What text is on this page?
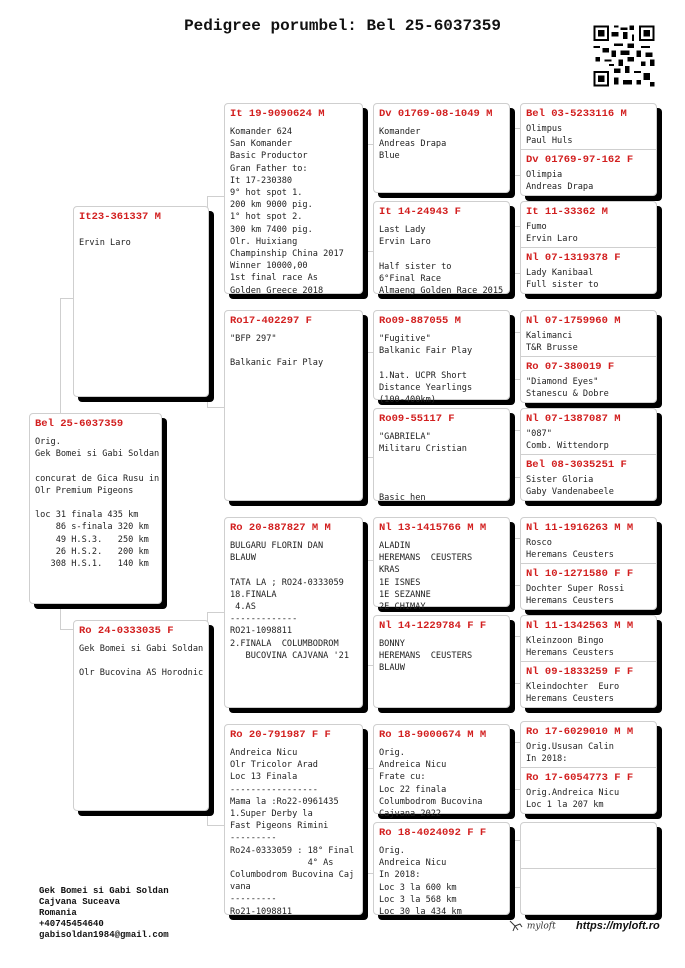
Pedigree porumbel: Bel 25-6037359
Bel 25-6037359
Orig.
Gek Bomei si Gabi Soldan

concurat de Gica Rusu in
Olr Premium Pigeons

loc 31 finala 435 km
86 s-finala 320 km
49 H.S.3.   250 km
26 H.S.2.   200 km
308 H.S.1.   140 km
It23-361337 M
Ervin Laro
Ro 24-0333035 F
Gek Bomei si Gabi Soldan

Olr Bucovina AS Horodnic
It 19-9090624 M
Komander 624
San Komander
Basic Productor
Gran Father to:
It 17-230380
9° hot spot 1.
200 km 9000 pig.
1° hot spot 2.
300 km 7400 pig.
Olr. Huixiang
Champinship China 2017
Winner 10000,00
1st final race As
Golden Greece 2018
Ro17-402297 F
"BFP 297"

Balkanic Fair Play
Ro 20-887827 M M
BULGARU FLORIN DAN
BLAUW

TATA LA ; RO24-0333059
18.FINALA
4.AS
-------------
RO21-1098811
2.FINALA  COLUMBODROM
BUCOVINA CAJVANA '21
Ro 20-791987 F F
Andreica Nicu
Olr Tricolor Arad
Loc 13 Finala
-----------------
Mama la :Ro22-0961435
1.Super Derby la
Fast Pigeons Rimini
---------
Ro24-0333059 : 18° Final
4° As
Columbodrom Bucovina Caj
vana
---------
Ro21-1098811
Dv 01769-08-1049 M
Komander
Andreas Drapa
Blue
It 14-24943 F
Last Lady
Ervin Laro

Half sister to
6°Final Race
Almaeng Golden Race 2015
Ro09-887055 M
"Fugitive"
Balkanic Fair Play

1.Nat. UCPR Short
Distance Yearlings
(100-400km)
Ro09-55117 F
"GABRIELA"
Militaru Cristian

Basic hen
Nl 13-1415766 M M
ALADIN
HEREMANS  CEUSTERS
KRAS
1E ISNES
1E SEZANNE
2E CHIMAY
Nl 14-1229784 F F
BONNY
HEREMANS  CEUSTERS
BLAUW
Ro 18-9000674 M M
Orig.
Andreica Nicu
Frate cu:
Loc 22 finala
Columbodrom Bucovina
Cajvana 2022
Ro 18-4024092 F F
Orig.
Andreica Nicu
In 2018:
Loc 3 la 600 km
Loc 3 la 568 km
Loc 30 la 434 km
Bel 03-5233116 M
Olimpus
Paul Huls
Dv 01769-97-162 F
Olimpia
Andreas Drapa
It 11-33362 M
Fumo
Ervin Laro
Nl 07-1319378 F
Lady Kanibaal
Full sister to
Nl 07-1759960 M
Kalimanci
T&R Brusse
Ro 07-380019 F
"Diamond Eyes"
Stanescu & Dobre
Nl 07-1387087 M
"087"
Comb. Wittendorp
Bel 08-3035251 F
Sister Gloria
Gaby Vandenabeele
Nl 11-1916263 M M
Rosco
Heremans Ceusters
Nl 10-1271580 F F
Dochter Super Rossi
Heremans Ceusters
Nl 11-1342563 M M
Kleinzoon Bingo
Heremans Ceusters
Nl 09-1833259 F F
Kleindochter  Euro
Heremans Ceusters
Ro 17-6029010 M M
Orig.Ususan Calin
In 2018:
Ro 17-6054773 F F
Orig.Andreica Nicu
Loc 1 la 207 km
Gek Bomei si Gabi Soldan
Cajvana Suceava
Romania
+40745454640
gabisoldan1984@gmail.com
myloft https://myloft.ro
